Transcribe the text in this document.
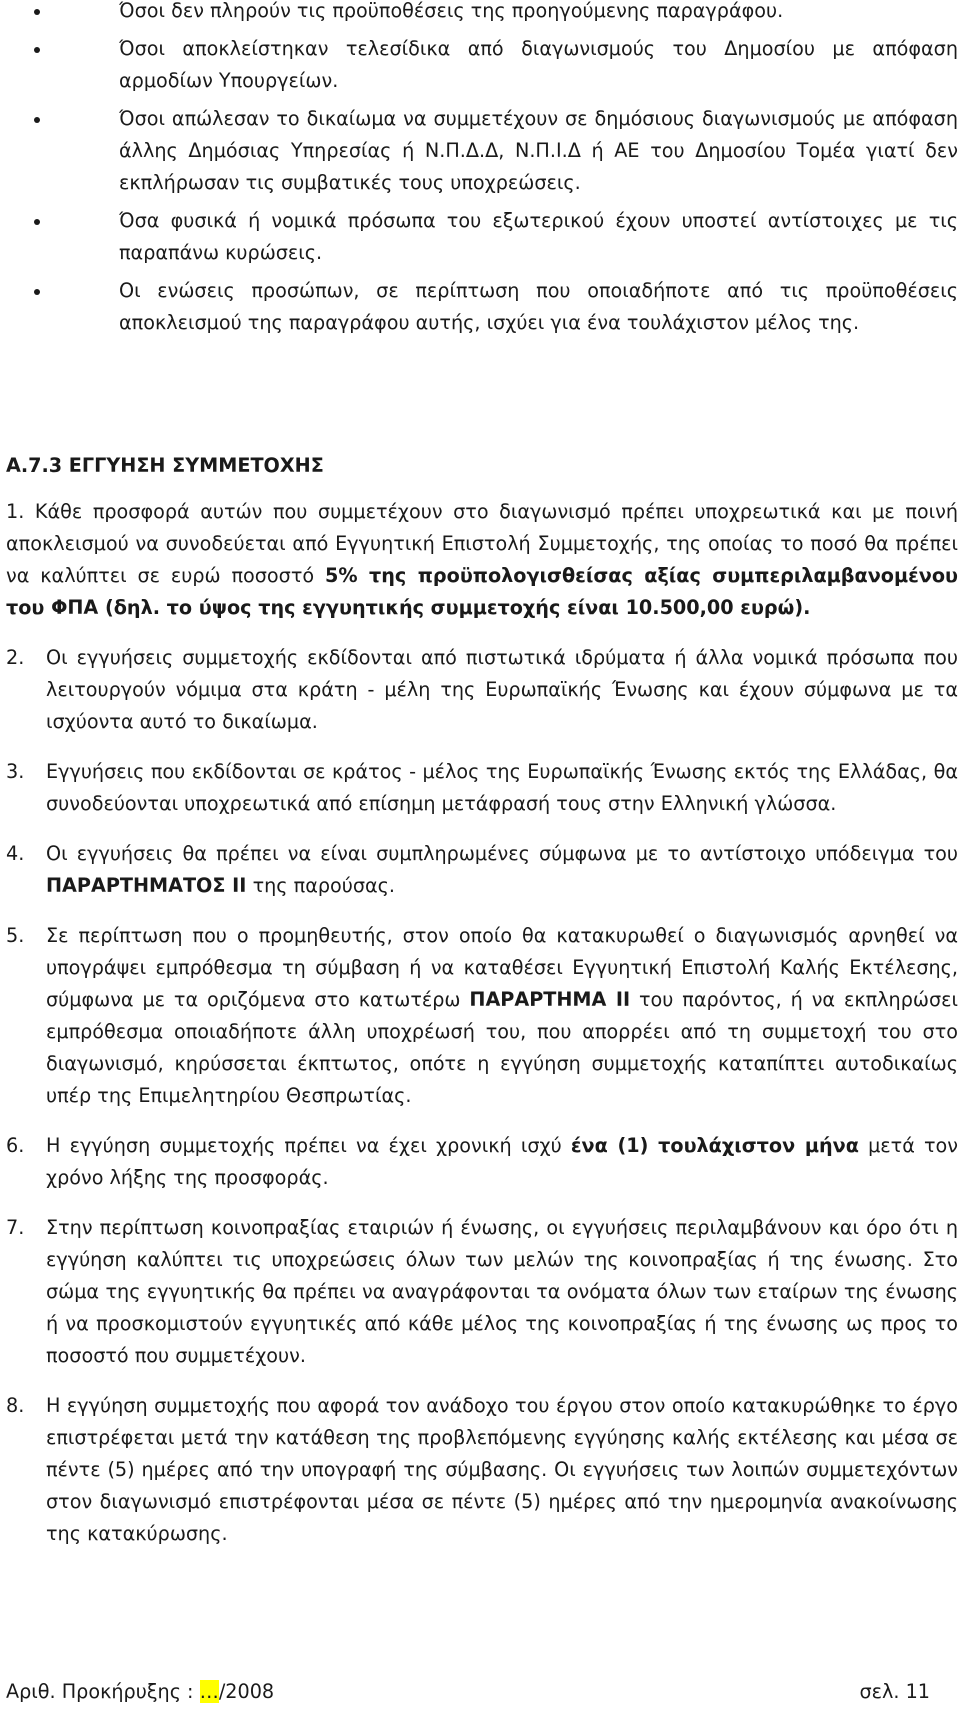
Όσοι δεν πληρούν τις προϋποθέσεις της προηγούμενης παραγράφου.

Όσοι αποκλείστηκαν τελεσίδικα από διαγωνισμούς του Δημοσίου με απόφαση αρμοδίων Υπουργείων.

Όσοι απώλεσαν το δικαίωμα να συμμετέχουν σε δημόσιους διαγωνισμούς με απόφαση άλλης Δημόσιας Υπηρεσίας ή Ν.Π.Δ.Δ, Ν.Π.Ι.Δ ή ΑΕ του Δημοσίου Τομέα γιατί δεν εκπλήρωσαν τις συμβατικές τους υποχρεώσεις.

Όσα φυσικά ή νομικά πρόσωπα του εξωτερικού έχουν υποστεί αντίστοιχες με τις παραπάνω κυρώσεις.

Οι ενώσεις προσώπων, σε περίπτωση που οποιαδήποτε από τις προϋποθέσεις αποκλεισμού της παραγράφου αυτής, ισχύει για ένα τουλάχιστον μέλος της.

Α.7.3 ΕΓΓΥΗΣΗ ΣΥΜΜΕΤΟΧΗΣ

1. Κάθε προσφορά αυτών που συμμετέχουν στο διαγωνισμό πρέπει υποχρεωτικά και με ποινή αποκλεισμού να συνοδεύεται από Εγγυητική Επιστολή Συμμετοχής, της οποίας το ποσό θα πρέπει να καλύπτει σε ευρώ ποσοστό 5% της προϋπολογισθείσας αξίας συμπεριλαμβανομένου του ΦΠΑ (δηλ. το ύψος της εγγυητικής συμμετοχής είναι 10.500,00 ευρώ).

2. Οι εγγυήσεις συμμετοχής εκδίδονται από πιστωτικά ιδρύματα ή άλλα νομικά πρόσωπα που λειτουργούν νόμιμα στα κράτη - μέλη της Ευρωπαϊκής Ένωσης και έχουν σύμφωνα με τα ισχύοντα αυτό το δικαίωμα.

3. Εγγυήσεις που εκδίδονται σε κράτος - μέλος της Ευρωπαϊκής Ένωσης εκτός της Ελλάδας, θα συνοδεύονται υποχρεωτικά από επίσημη μετάφρασή τους στην Ελληνική γλώσσα.

4. Οι εγγυήσεις θα πρέπει να είναι συμπληρωμένες σύμφωνα με το αντίστοιχο υπόδειγμα του ΠΑΡΑΡΤΗΜΑΤΟΣ ΙΙ της παρούσας.

5. Σε περίπτωση που ο προμηθευτής, στον οποίο θα κατακυρωθεί ο διαγωνισμός αρνηθεί να υπογράψει εμπρόθεσμα τη σύμβαση ή να καταθέσει Εγγυητική Επιστολή Καλής Εκτέλεσης, σύμφωνα με τα οριζόμενα στο κατωτέρω ΠΑΡΑΡΤΗΜΑ ΙΙ του παρόντος, ή να εκπληρώσει εμπρόθεσμα οποιαδήποτε άλλη υποχρέωσή του, που απορρέει από τη συμμετοχή του στο διαγωνισμό, κηρύσσεται έκπτωτος, οπότε η εγγύηση συμμετοχής καταπίπτει αυτοδικαίως υπέρ της Επιμελητηρίου Θεσπρωτίας.

6. Η εγγύηση συμμετοχής πρέπει να έχει χρονική ισχύ ένα (1) τουλάχιστον μήνα μετά τον χρόνο λήξης της προσφοράς.

7. Στην περίπτωση κοινοπραξίας εταιριών ή ένωσης, οι εγγυήσεις περιλαμβάνουν και όρο ότι η εγγύηση καλύπτει τις υποχρεώσεις όλων των μελών της κοινοπραξίας ή της ένωσης. Στο σώμα της εγγυητικής θα πρέπει να αναγράφονται τα ονόματα όλων των εταίρων της ένωσης ή να προσκομιστούν εγγυητικές από κάθε μέλος της κοινοπραξίας ή της ένωσης ως προς το ποσοστό που συμμετέχουν.

8. Η εγγύηση συμμετοχής που αφορά τον ανάδοχο του έργου στον οποίο κατακυρώθηκε το έργο επιστρέφεται μετά την κατάθεση της προβλεπόμενης εγγύησης καλής εκτέλεσης και μέσα σε πέντε (5) ημέρες από την υπογραφή της σύμβασης. Οι εγγυήσεις των λοιπών συμμετεχόντων στον διαγωνισμό επιστρέφονται μέσα σε πέντε (5) ημέρες από την ημερομηνία ανακοίνωσης της κατακύρωσης.

Αριθ. Προκήρυξης : …/2008	σελ. 11
